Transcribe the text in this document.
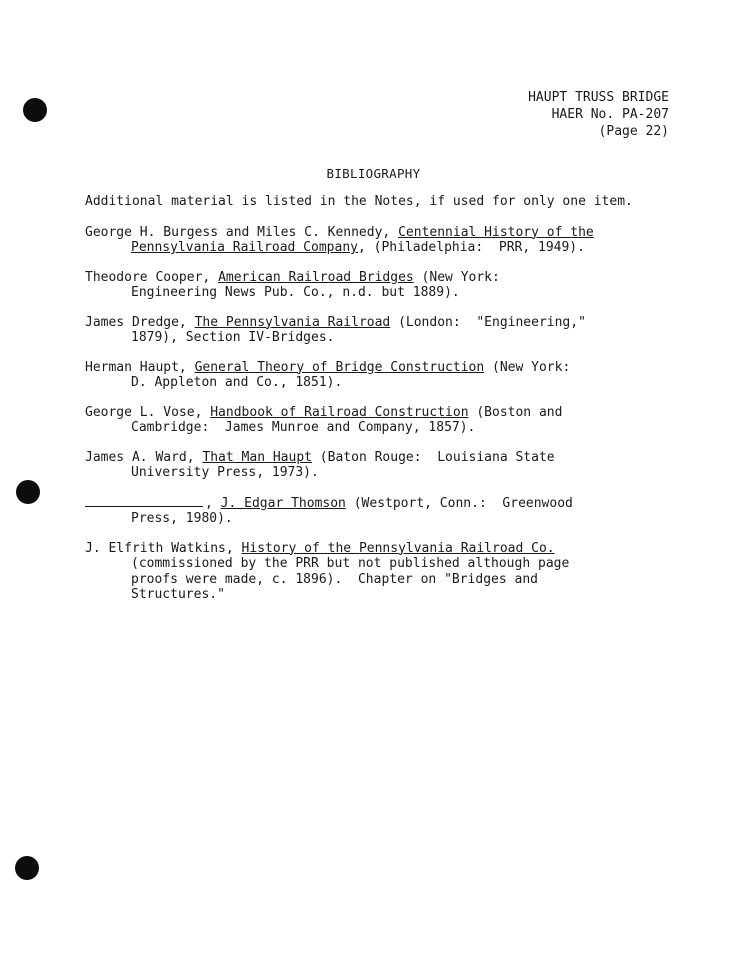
HAUPT TRUSS BRIDGE
HAER No. PA-207
(Page 22)
BIBLIOGRAPHY

Additional material is listed in the Notes, if used for only one item.

George H. Burgess and Miles C. Kennedy, Centennial History of the
Pennsylvania Railroad Company, (Philadelphia:  PRR, 1949).
Theodore Cooper, American Railroad Bridges (New York:
Engineering News Pub. Co., n.d. but 1889).
James Dredge, The Pennsylvania Railroad (London:  "Engineering,"
1879), Section IV-Bridges.
Herman Haupt, General Theory of Bridge Construction (New York:
D. Appleton and Co., 1851).
George L. Vose, Handbook of Railroad Construction (Boston and
Cambridge:  James Munroe and Company, 1857).
James A. Ward, That Man Haupt (Baton Rouge:  Louisiana State
University Press, 1973).
, J. Edgar Thomson (Westport, Conn.:  Greenwood
Press, 1980).
J. Elfrith Watkins, History of the Pennsylvania Railroad Co.
(commissioned by the PRR but not published although page
proofs were made, c. 1896).  Chapter on "Bridges and
Structures."
